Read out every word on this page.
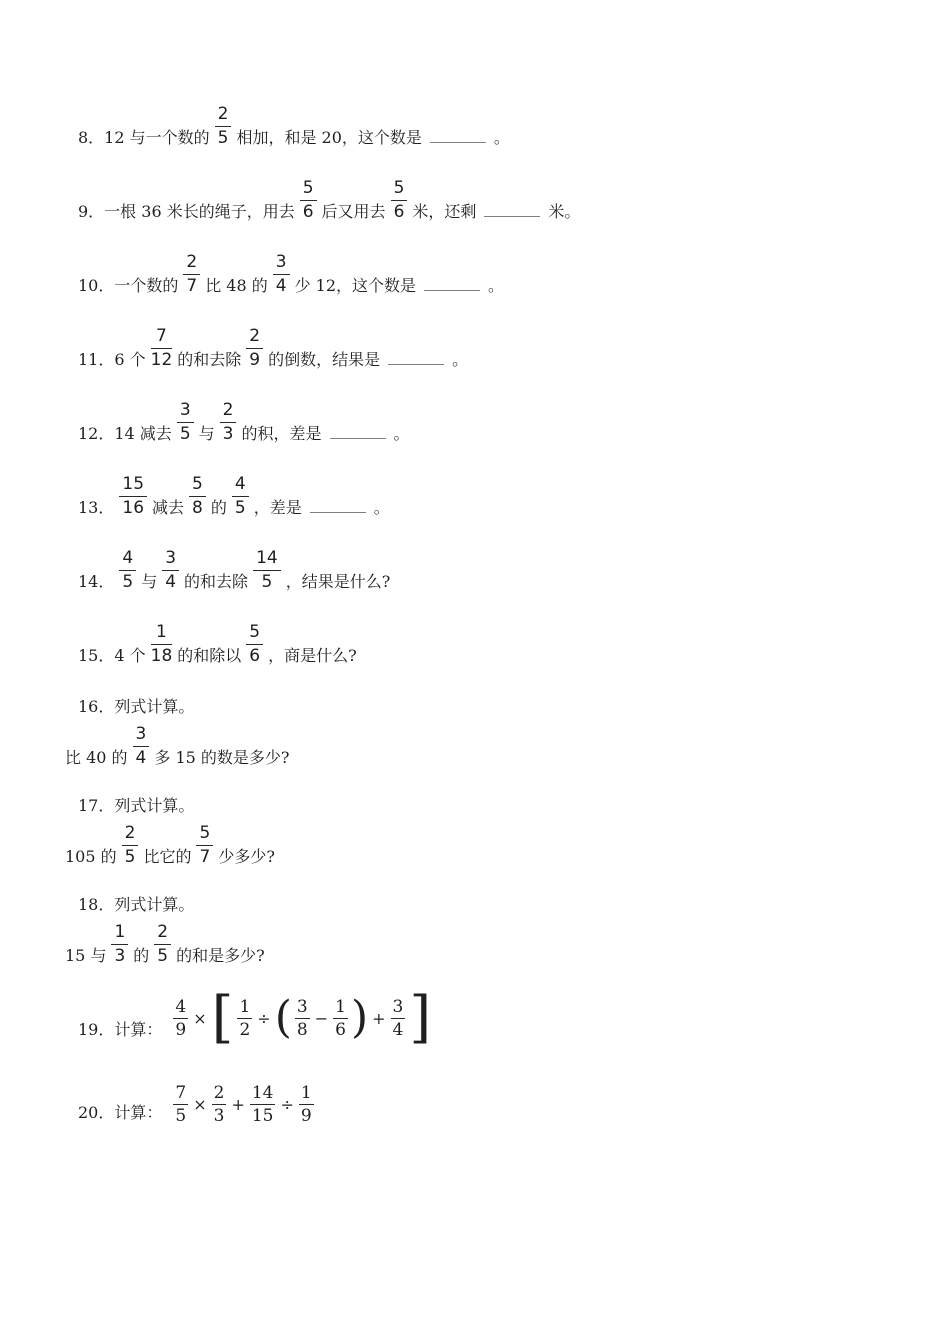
8．12 与一个数的 $\frac{2}{5}$ 相加，和是 20，这个数是	。
9．一根 36 米长的绳子，用去 $\frac{5}{6}$ 后又用去 $\frac{5}{6}$ 米，还剩	米。
10．一个数的 $\frac{2}{7}$ 比 48 的 $\frac{3}{4}$ 少 12，这个数是	。
11．6 个 $\frac{7}{12}$ 的和去除 $\frac{2}{9}$ 的倒数，结果是	。
12．14 减去 $\frac{3}{5}$ 与 $\frac{2}{3}$ 的积，差是	。
13． $\frac{15}{16}$ 减去 $\frac{5}{8}$ 的 $\frac{4}{5}$ ，差是	。
14． $\frac{4}{5}$ 与 $\frac{3}{4}$ 的和去除 $\frac{14}{5}$ ，结果是什么?
15．4 个 $\frac{1}{18}$ 的和除以 $\frac{5}{6}$ ，商是什么?
16．列式计算。
比 40 的 $\frac{3}{4}$ 多 15 的数是多少?
17．列式计算。
105 的 $\frac{2}{5}$ 比它的 $\frac{5}{7}$ 少多少?
18．列式计算。
15 与 $\frac{1}{3}$ 的 $\frac{2}{5}$ 的和是多少?
19．计算： $\frac{4}{9}$ × [ $\frac{1}{2}$ ÷ ( $\frac{3}{8} - \frac{1}{6}$ ) + $\frac{3}{4}$ ]
20．计算： $\frac{7}{5} \times \frac{2}{3} + \frac{14}{15} \div \frac{1}{9}$
